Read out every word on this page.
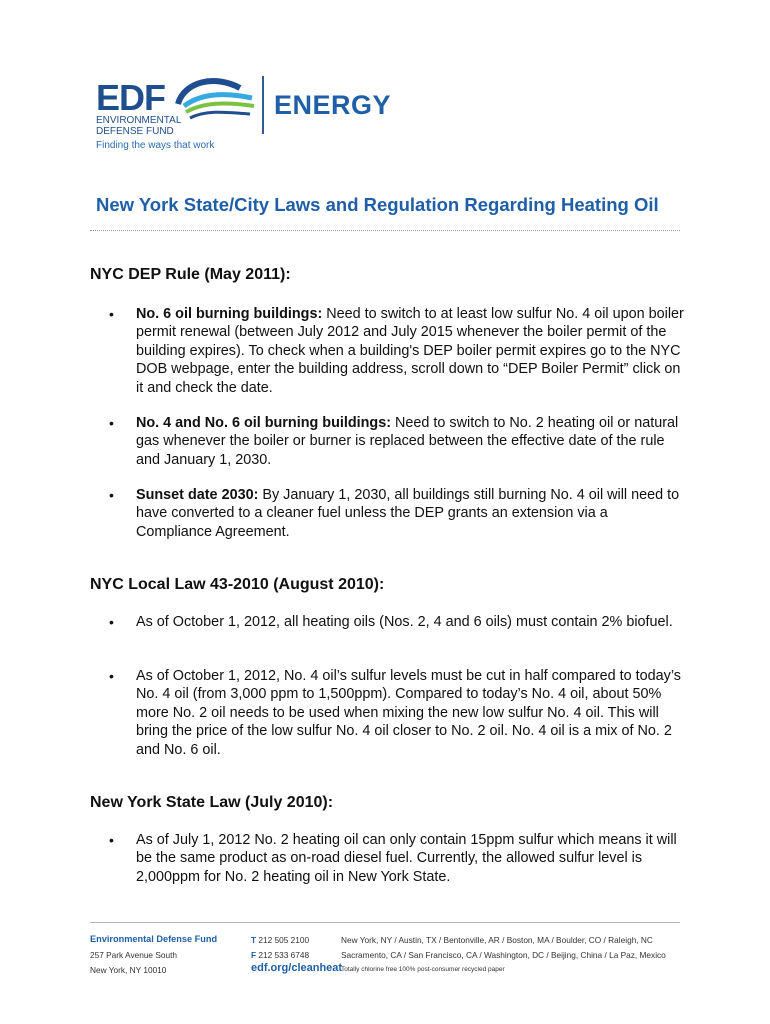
EDF
ENVIRONMENTAL
DEFENSE FUND
Finding the ways that work
ENERGY
New York State/City Laws and Regulation Regarding Heating Oil
NYC DEP Rule (May 2011):
• No. 6 oil burning buildings: Need to switch to at least low sulfur No. 4 oil upon boiler permit renewal (between July 2012 and July 2015 whenever the boiler permit of the building expires). To check when a building's DEP boiler permit expires go to the NYC DOB webpage, enter the building address, scroll down to “DEP Boiler Permit” click on it and check the date.
• No. 4 and No. 6 oil burning buildings: Need to switch to No. 2 heating oil or natural gas whenever the boiler or burner is replaced between the effective date of the rule and January 1, 2030.
• Sunset date 2030: By January 1, 2030, all buildings still burning No. 4 oil will need to have converted to a cleaner fuel unless the DEP grants an extension via a Compliance Agreement.
NYC Local Law 43-2010 (August 2010):
• As of October 1, 2012, all heating oils (Nos. 2, 4 and 6 oils) must contain 2% biofuel.
• As of October 1, 2012, No. 4 oil’s sulfur levels must be cut in half compared to today’s No. 4 oil (from 3,000 ppm to 1,500ppm). Compared to today’s No. 4 oil, about 50% more No. 2 oil needs to be used when mixing the new low sulfur No. 4 oil. This will bring the price of the low sulfur No. 4 oil closer to No. 2 oil. No. 4 oil is a mix of No. 2 and No. 6 oil.
New York State Law (July 2010):
• As of July 1, 2012 No. 2 heating oil can only contain 15ppm sulfur which means it will be the same product as on-road diesel fuel. Currently, the allowed sulfur level is 2,000ppm for No. 2 heating oil in New York State.
Environmental Defense Fund
257 Park Avenue South
New York, NY 10010
T 212 505 2100
F 212 533 6748
edf.org/cleanheat
New York, NY / Austin, TX / Bentonville, AR / Boston, MA / Boulder, CO / Raleigh, NC
Sacramento, CA / San Francisco, CA / Washington, DC / Beijing, China / La Paz, Mexico
Totally chlorine free 100% post-consumer recycled paper
